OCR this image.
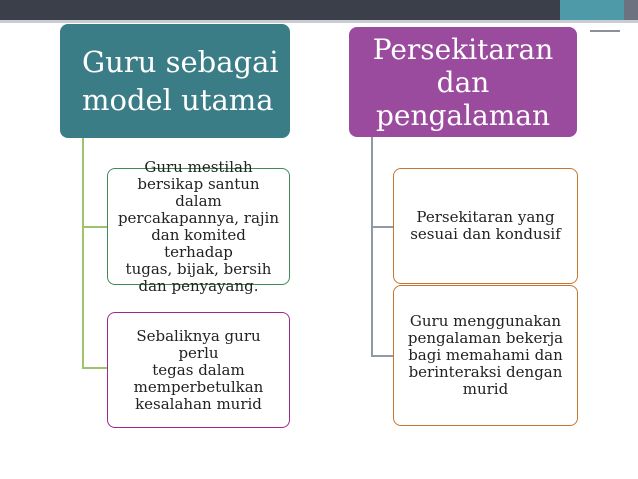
Guru sebagai
model utama
Guru mestilah
bersikap santun dalam
percakapannya, rajin
dan komited terhadap
tugas, bijak, bersih
dan penyayang.
Sebaliknya guru perlu
tegas dalam
memperbetulkan
kesalahan murid
Persekitaran
dan
pengalaman
Persekitaran yang
sesuai dan kondusif
Guru menggunakan
pengalaman bekerja
bagi memahami dan
berinteraksi dengan
murid
